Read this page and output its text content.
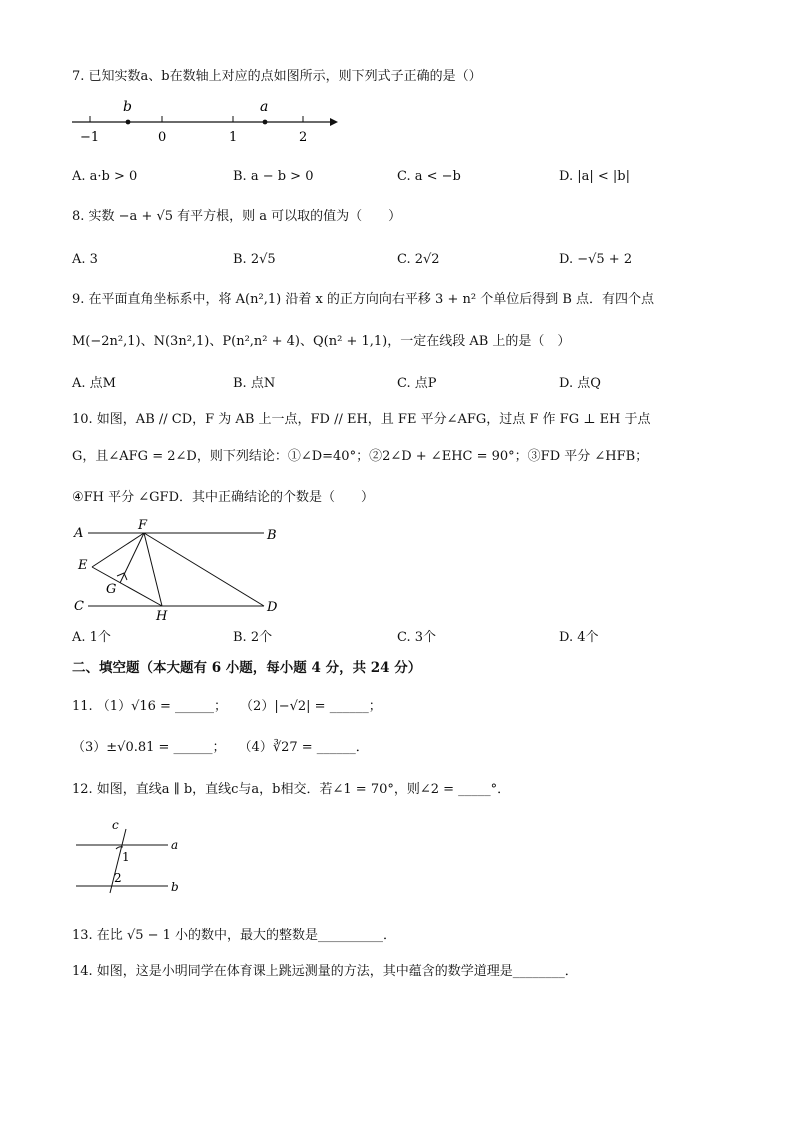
7. 已知实数a、b在数轴上对应的点如图所示，则下列式子正确的是（）
b	a
−1	0	1	2
A. a·b > 0	B. a − b > 0	C. a < −b	D. |a| < |b|
8. 实数 −a + √5 有平方根，则 a 可以取的值为（　　）
A. 3	B. 2√5	C. 2√2	D. −√5 + 2
9. 在平面直角坐标系中，将 A(n²,1) 沿着 x 的正方向向右平移 3 + n² 个单位后得到 B 点．有四个点
M(−2n²,1)、N(3n²,1)、P(n²,n² + 4)、Q(n² + 1,1)，一定在线段 AB 上的是（　）
A. 点M	B. 点N	C. 点P	D. 点Q
10. 如图，AB // CD，F 为 AB 上一点，FD // EH，且 FE 平分∠AFG，过点 F 作 FG ⊥ EH 于点
G，且∠AFG = 2∠D，则下列结论：①∠D=40°；②2∠D + ∠EHC = 90°；③FD 平分 ∠HFB；
④FH 平分 ∠GFD．其中正确结论的个数是（　　）
A
F
B
E
G
C
H
D
A. 1个	B. 2个	C. 3个	D. 4个
二、填空题（本大题有 6 小题，每小题 4 分，共 24 分）
11. （1）√16 = ______；　　（2）|−√2| = ______；
（3）±√0.81 = ______；　　（4）∛27 = ______．
12. 如图，直线a ∥ b，直线c与a，b相交．若∠1 = 70°，则∠2 = _____°．
c
a
1
2
b
13. 在比 √5 − 1 小的数中，最大的整数是__________．
14. 如图，这是小明同学在体育课上跳远测量的方法，其中蕴含的数学道理是________．
